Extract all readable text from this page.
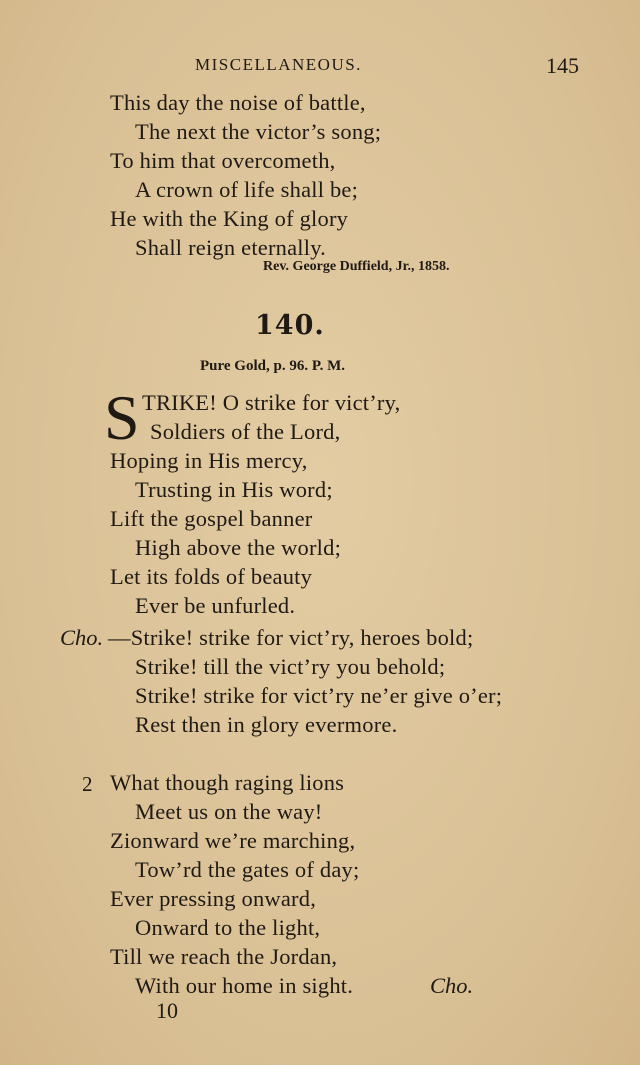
MISCELLANEOUS.	145
This day the noise of battle,
The next the victor’s song;
To him that overcometh,
A crown of life shall be;
He with the King of glory
Shall reign eternally.
Rev. George Duffield, Jr., 1858.
140.
Pure Gold, p. 96. P. M.
S TRIKE! O strike for vict’ry,
Soldiers of the Lord,
Hoping in His mercy,
Trusting in His word;
Lift the gospel banner
High above the world;
Let its folds of beauty
Ever be unfurled.
Cho. —Strike! strike for vict’ry, heroes bold;
Strike! till the vict’ry you behold;
Strike! strike for vict’ry ne’er give o’er;
Rest then in glory evermore.
2 What though raging lions
Meet us on the way!
Zionward we’re marching,
Tow’rd the gates of day;
Ever pressing onward,
Onward to the light,
Till we reach the Jordan,
With our home in sight.	Cho.
10
